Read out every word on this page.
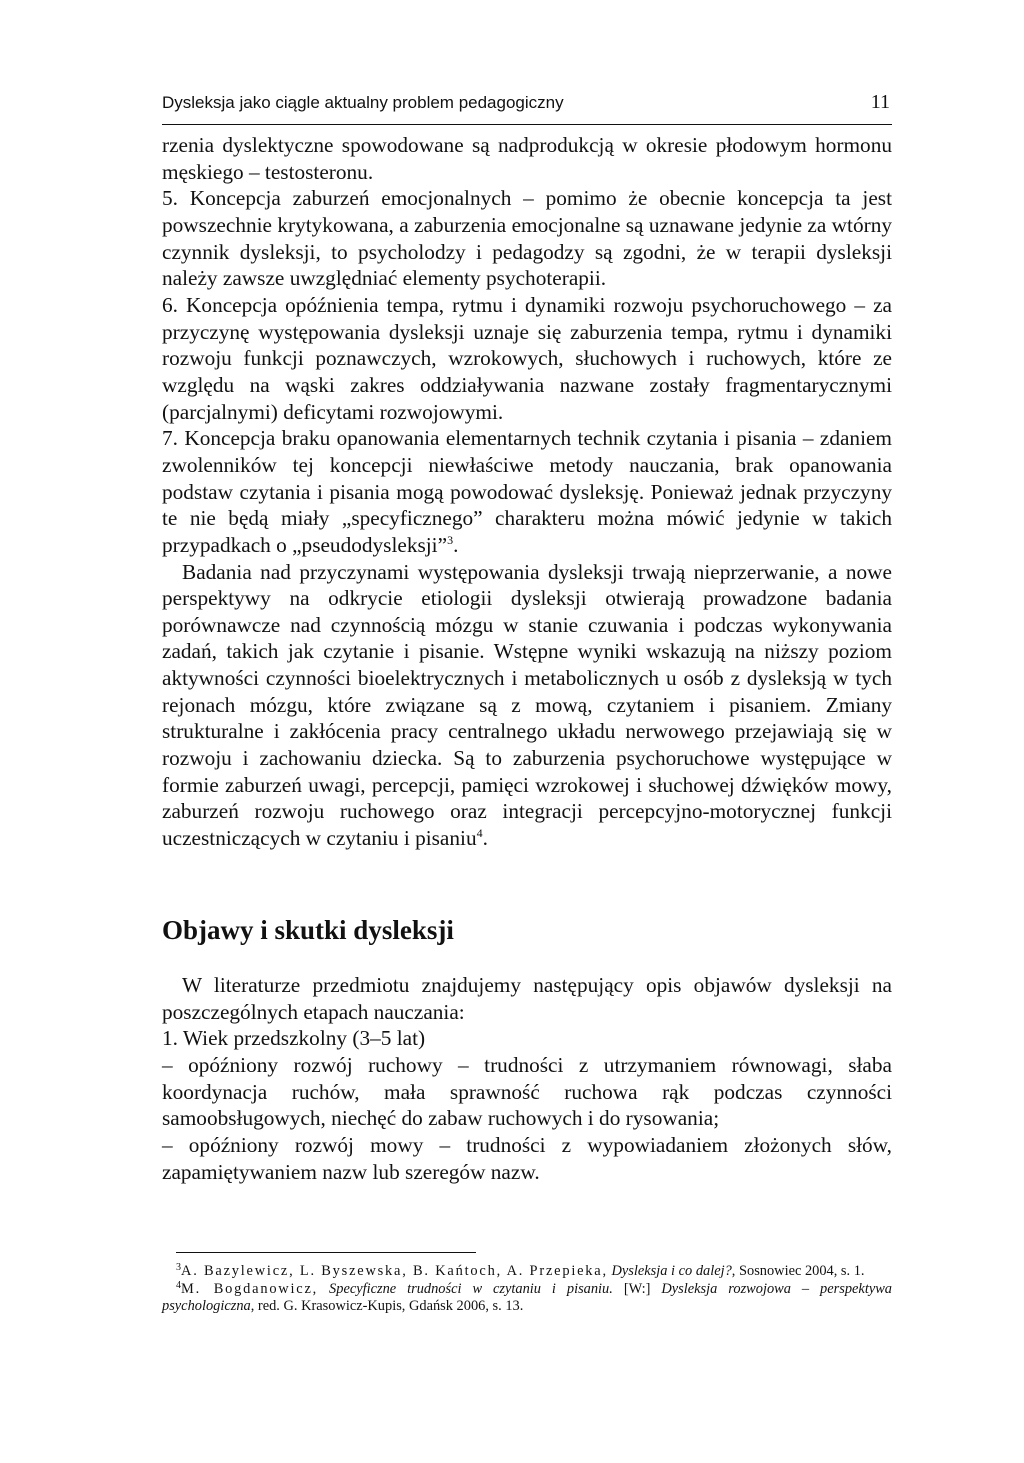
Dysleksja jako ciągle aktualny problem pedagogiczny	11

rzenia dyslektyczne spowodowane są nadprodukcją w okresie płodowym hormonu męskiego – testosteronu.

5. Koncepcja zaburzeń emocjonalnych – pomimo że obecnie koncepcja ta jest powszechnie krytykowana, a zaburzenia emocjonalne są uznawane jedynie za wtórny czynnik dysleksji, to psycholodzy i pedagodzy są zgodni, że w terapii dysleksji należy zawsze uwzględniać elementy psychoterapii.

6. Koncepcja opóźnienia tempa, rytmu i dynamiki rozwoju psychoruchowego – za przyczynę występowania dysleksji uznaje się zaburzenia tempa, rytmu i dynamiki rozwoju funkcji poznawczych, wzrokowych, słuchowych i ruchowych, które ze względu na wąski zakres oddziaływania nazwane zostały fragmentarycznymi (parcjalnymi) deficytami rozwojowymi.

7. Koncepcja braku opanowania elementarnych technik czytania i pisania – zdaniem zwolenników tej koncepcji niewłaściwe metody nauczania, brak opanowania podstaw czytania i pisania mogą powodować dysleksję. Ponieważ jednak przyczyny te nie będą miały „specyficznego” charakteru można mówić jedynie w takich przypadkach o „pseudodysleksji”$^3$.

Badania nad przyczynami występowania dysleksji trwają nieprzerwanie, a nowe perspektywy na odkrycie etiologii dysleksji otwierają prowadzone badania porównawcze nad czynnością mózgu w stanie czuwania i podczas wykonywania zadań, takich jak czytanie i pisanie. Wstępne wyniki wskazują na niższy poziom aktywności czynności bioelektrycznych i metabolicznych u osób z dysleksją w tych rejonach mózgu, które związane są z mową, czytaniem i pisaniem. Zmiany strukturalne i zakłócenia pracy centralnego układu nerwowego przejawiają się w rozwoju i zachowaniu dziecka. Są to zaburzenia psychoruchowe występujące w formie zaburzeń uwagi, percepcji, pamięci wzrokowej i słuchowej dźwięków mowy, zaburzeń rozwoju ruchowego oraz integracji percepcyjno-motorycznej funkcji uczestniczących w czytaniu i pisaniu$^4$.

Objawy i skutki dysleksji

W literaturze przedmiotu znajdujemy następujący opis objawów dysleksji na poszczególnych etapach nauczania:

1. Wiek przedszkolny (3–5 lat)

– opóźniony rozwój ruchowy – trudności z utrzymaniem równowagi, słaba koordynacja ruchów, mała sprawność ruchowa rąk podczas czynności samoobsługowych, niechęć do zabaw ruchowych i do rysowania;

– opóźniony rozwój mowy – trudności z wypowiadaniem złożonych słów, zapamiętywaniem nazw lub szeregów nazw.

$^3$A. Bazylewicz, L. Byszewska, B. Kańtoch, A. Przepieka, Dysleksja i co dalej?, Sosnowiec 2004, s. 1.

$^4$M. Bogdanowicz, Specyficzne trudności w czytaniu i pisaniu. [W:] Dysleksja rozwojowa – perspektywa psychologiczna, red. G. Krasowicz-Kupis, Gdańsk 2006, s. 13.
